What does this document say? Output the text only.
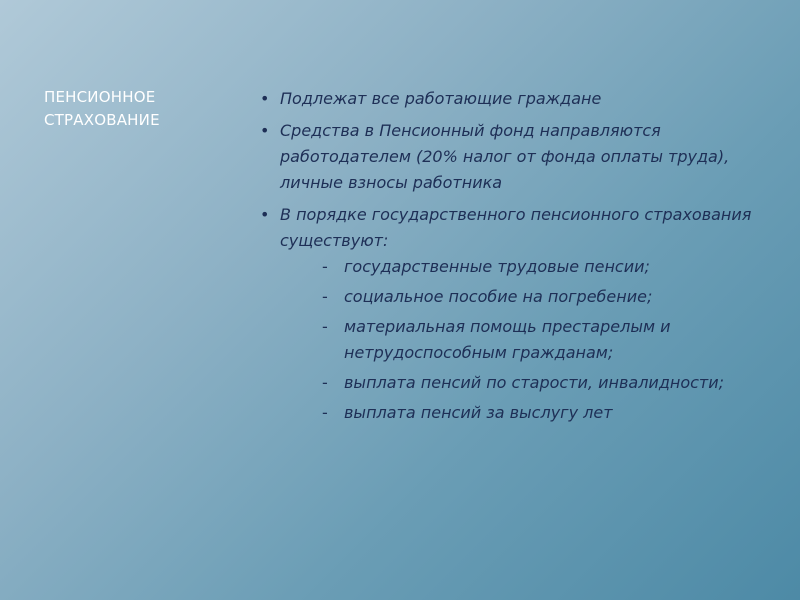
ПЕНСИОННОЕ
СТРАХОВАНИЕ
• Подлежат все работающие граждане
• Средства в Пенсионный фонд направляются работодателем (20% налог от фонда оплаты труда), личные взносы работника
• В порядке государственного пенсионного страхования существуют:
- государственные трудовые пенсии;
- социальное пособие на погребение;
- материальная помощь престарелым и нетрудоспособным гражданам;
- выплата пенсий по старости, инвалидности;
- выплата пенсий за выслугу лет
